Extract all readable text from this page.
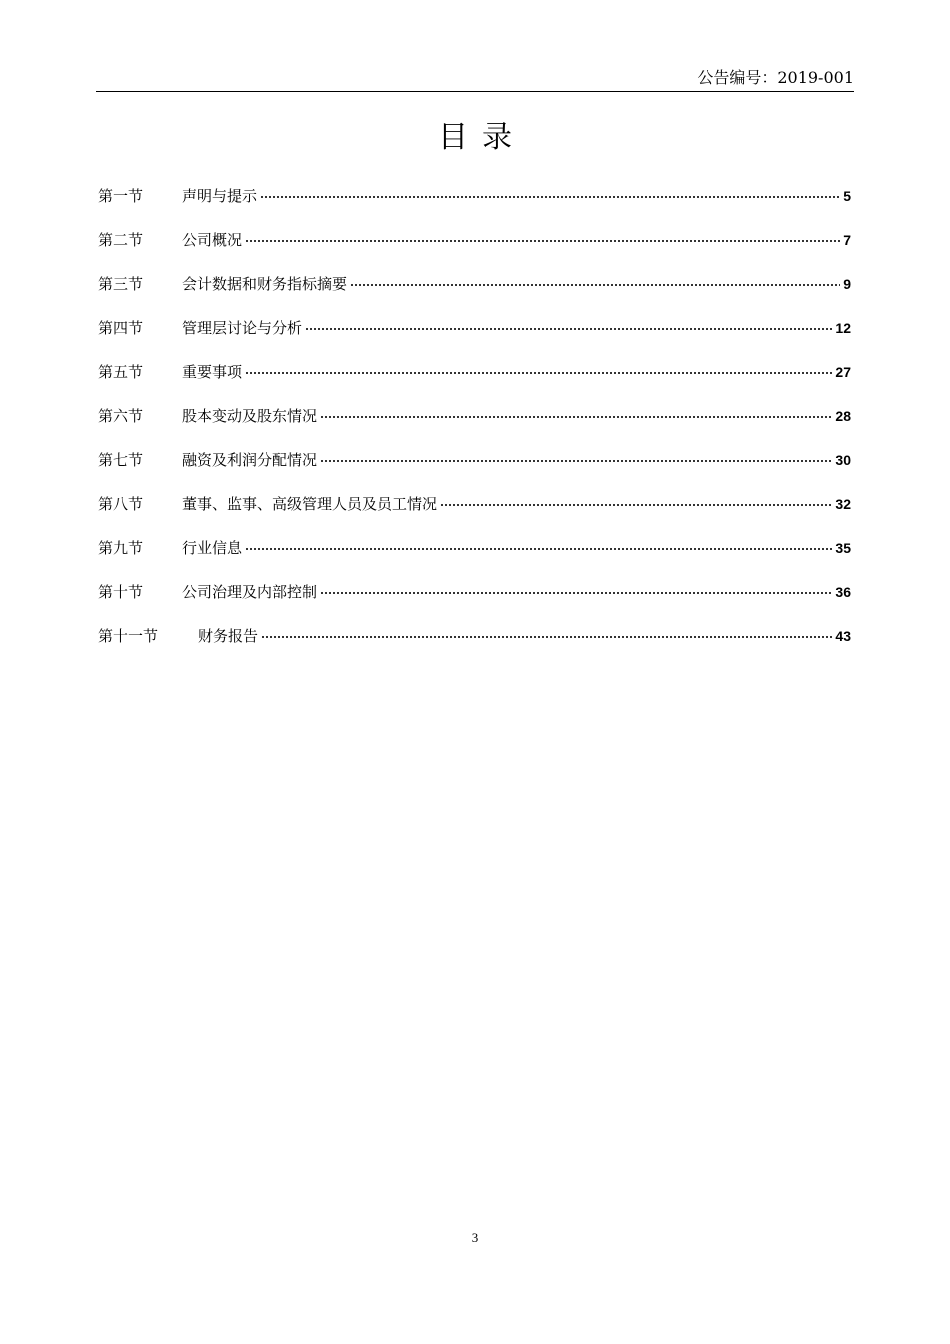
公告编号：2019-001
目录
第一节	声明与提示	5
第二节	公司概况	7
第三节	会计数据和财务指标摘要	9
第四节	管理层讨论与分析	12
第五节	重要事项	27
第六节	股本变动及股东情况	28
第七节	融资及利润分配情况	30
第八节	董事、监事、高级管理人员及员工情况	32
第九节	行业信息	35
第十节	公司治理及内部控制	36
第十一节	财务报告	43
3
